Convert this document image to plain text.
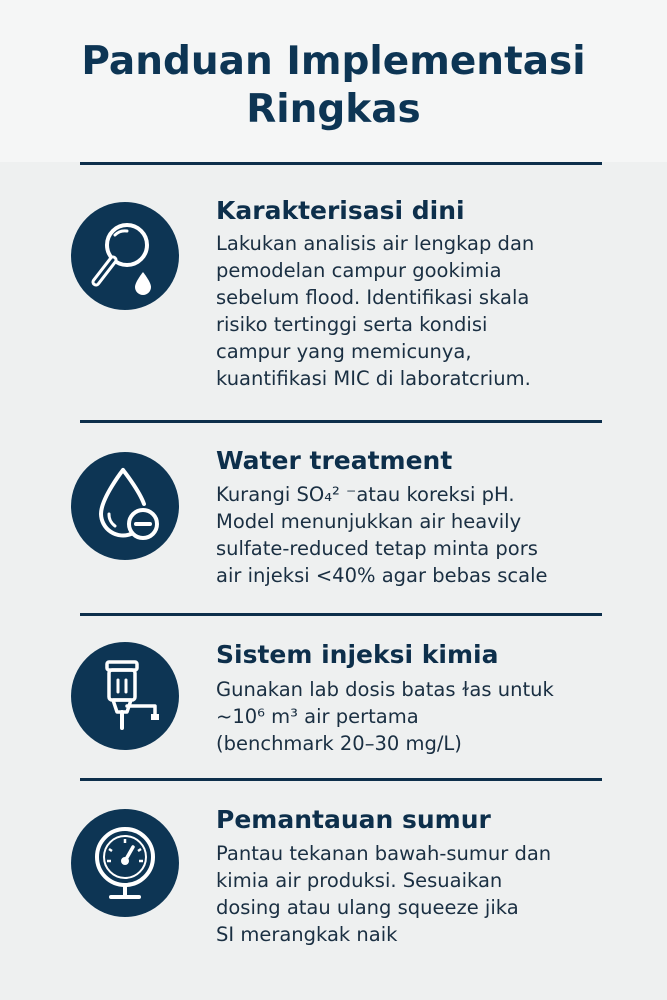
Panduan Implementasi
Ringkas
Karakterisasi dini
Lakukan analisis air lengkap dan
pemodelan campur gookimia
sebelum flood. Identifikasi skala
risiko tertinggi serta kondisi
campur yang memicunya,
kuantifikasi MIC di laboratcrium.
Water treatment
Kurangi SO₄² ⁻atau koreksi pH.
Model menunjukkan air heavily
sulfate-reduced tetap minta pors
air injeksi <40% agar bebas scale
Sistem injeksi kimia
Gunakan lab dosis batas ɫas untuk
~10⁶ m³ air pertama
(benchmark 20–30 mg/L)
Pemantauan sumur
Pantau tekanan bawah-sumur dan
kimia air produksi. Sesuaikan
dosing atau ulang squeeze jika
SI merangkak naik
